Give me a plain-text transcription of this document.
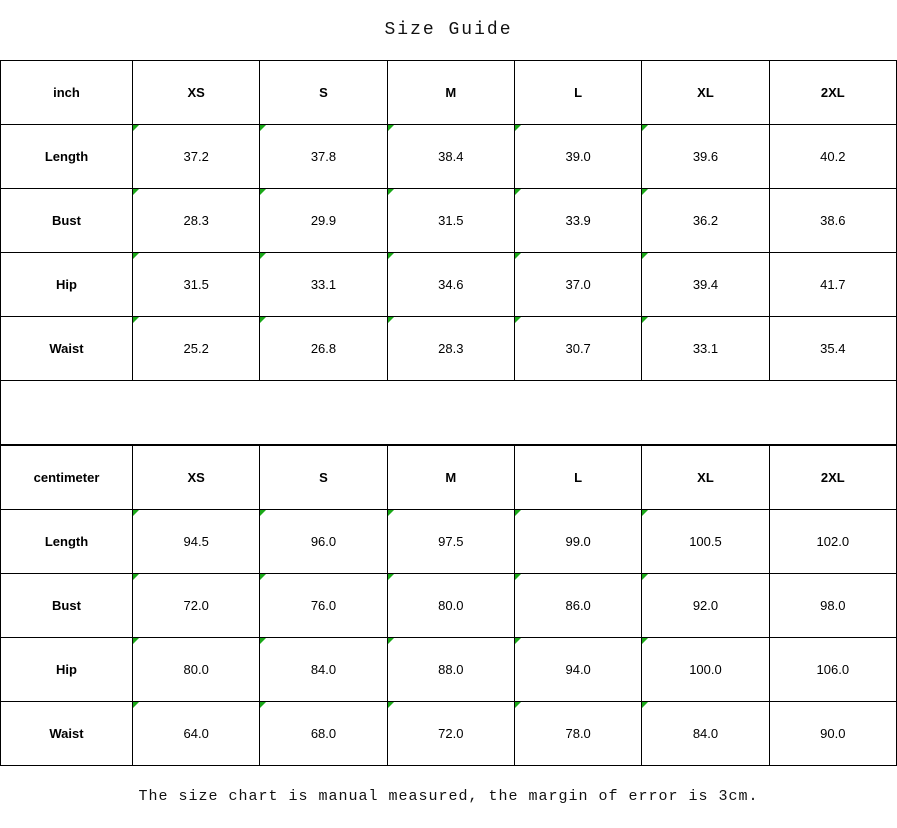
Size Guide
inch	XS	S	M	L	XL	2XL
Length	37.2	37.8	38.4	39.0	39.6	40.2
Bust	28.3	29.9	31.5	33.9	36.2	38.6
Hip	31.5	33.1	34.6	37.0	39.4	41.7
Waist	25.2	26.8	28.3	30.7	33.1	35.4

centimeter	XS	S	M	L	XL	2XL
Length	94.5	96.0	97.5	99.0	100.5	102.0
Bust	72.0	76.0	80.0	86.0	92.0	98.0
Hip	80.0	84.0	88.0	94.0	100.0	106.0
Waist	64.0	68.0	72.0	78.0	84.0	90.0
The size chart is manual measured, the margin of error is 3cm.
